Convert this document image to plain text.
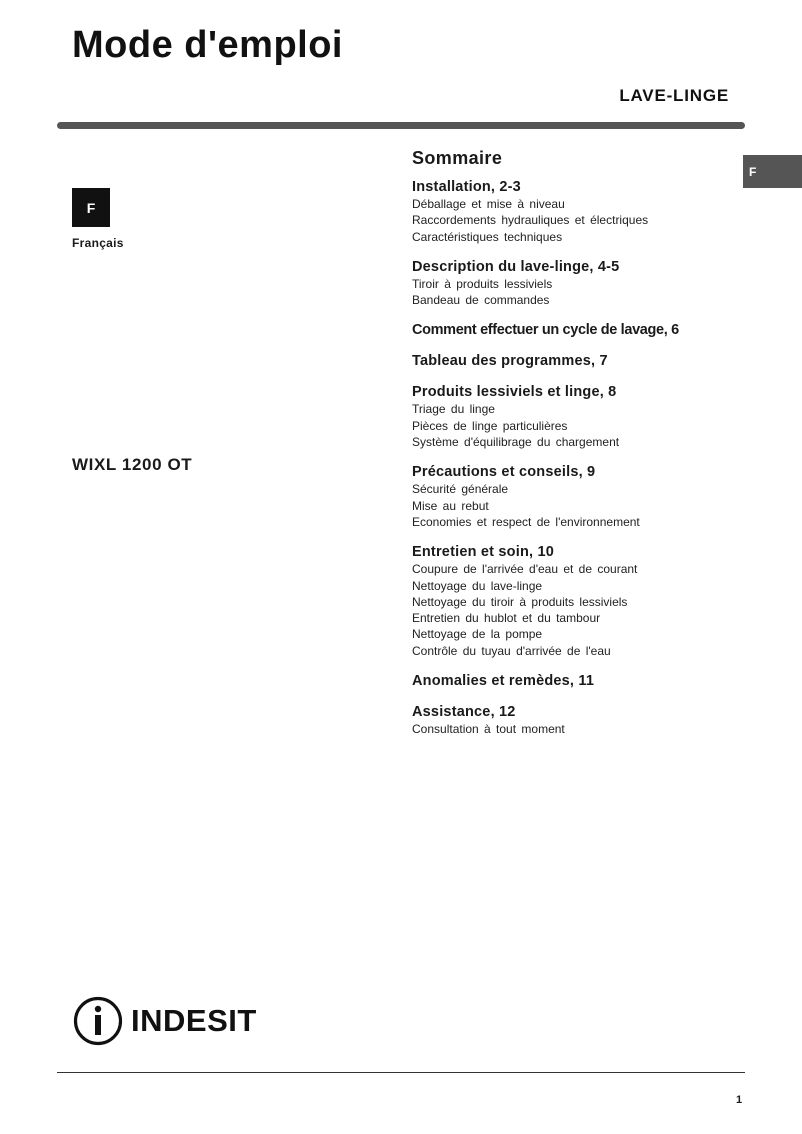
Mode d'emploi
LAVE-LINGE
F
Français
F
WIXL 1200 OT
Sommaire
Installation, 2-3
Déballage et mise à niveau
Raccordements hydrauliques et électriques
Caractéristiques techniques
Description du lave-linge, 4-5
Tiroir à produits lessiviels
Bandeau de commandes
Comment effectuer un cycle de lavage, 6
Tableau des programmes, 7
Produits lessiviels et linge, 8
Triage du linge
Pièces de linge particulières
Système d'équilibrage du chargement
Précautions et conseils, 9
Sécurité générale
Mise au rebut
Economies et respect de l'environnement
Entretien et soin, 10
Coupure de l'arrivée d'eau et de courant
Nettoyage du lave-linge
Nettoyage du tiroir à produits lessiviels
Entretien du hublot et du tambour
Nettoyage de la pompe
Contrôle du tuyau d'arrivée de l'eau
Anomalies et remèdes, 11
Assistance, 12
Consultation à tout moment
INDESIT
1
